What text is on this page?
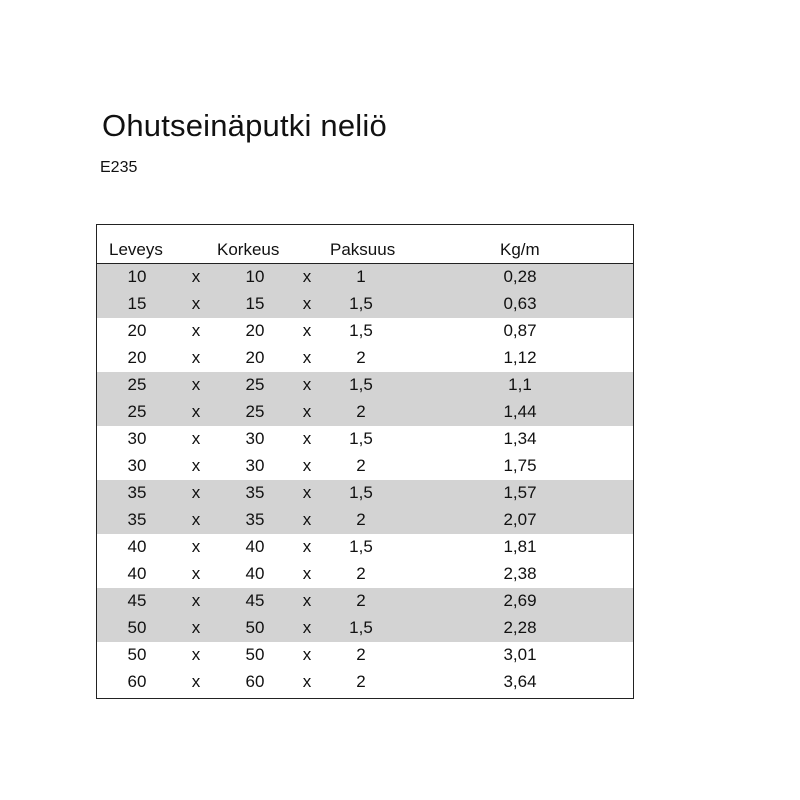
Ohutseinäputki neliö
E235
Leveys	Korkeus	Paksuus	Kg/m
10	x	10	x	1	0,28
15	x	15	x	1,5	0,63
20	x	20	x	1,5	0,87
20	x	20	x	2	1,12
25	x	25	x	1,5	1,1
25	x	25	x	2	1,44
30	x	30	x	1,5	1,34
30	x	30	x	2	1,75
35	x	35	x	1,5	1,57
35	x	35	x	2	2,07
40	x	40	x	1,5	1,81
40	x	40	x	2	2,38
45	x	45	x	2	2,69
50	x	50	x	1,5	2,28
50	x	50	x	2	3,01
60	x	60	x	2	3,64
